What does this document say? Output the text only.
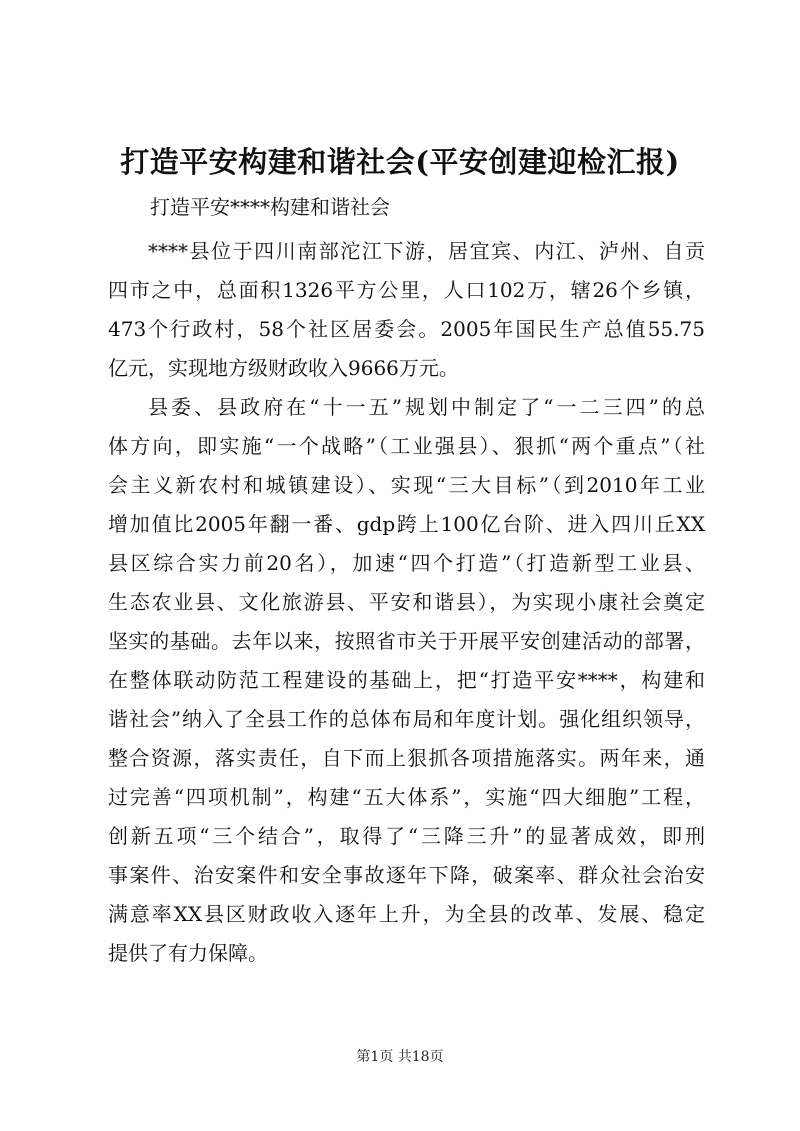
打造平安构建和谐社会(平安创建迎检汇报)

打造平安****构建和谐社会

****县位于四川南部沱江下游，居宜宾、内江、泸州、自贡
四市之中，总面积1326平方公里，人口102万，辖26个乡镇，
473个行政村，58个社区居委会。2005年国民生产总值55.75
亿元，实现地方级财政收入9666万元。
县委、县政府在“十一五”规划中制定了“一二三四”的总
体方向，即实施“一个战略”（工业强县）、狠抓“两个重点”（社
会主义新农村和城镇建设）、实现“三大目标”（到2010年工业
增加值比2005年翻一番、gdp跨上100亿台阶、进入四川丘XX
县区综合实力前20名），加速“四个打造”（打造新型工业县、
生态农业县、文化旅游县、平安和谐县），为实现小康社会奠定
坚实的基础。去年以来，按照省市关于开展平安创建活动的部署，
在整体联动防范工程建设的基础上，把“打造平安****，构建和
谐社会”纳入了全县工作的总体布局和年度计划。强化组织领导，
整合资源，落实责任，自下而上狠抓各项措施落实。两年来，通
过完善“四项机制”，构建“五大体系”，实施“四大细胞”工程，
创新五项“三个结合”，取得了“三降三升”的显著成效，即刑
事案件、治安案件和安全事故逐年下降，破案率、群众社会治安
满意率XX县区财政收入逐年上升，为全县的改革、发展、稳定
提供了有力保障。

第1页 共18页
